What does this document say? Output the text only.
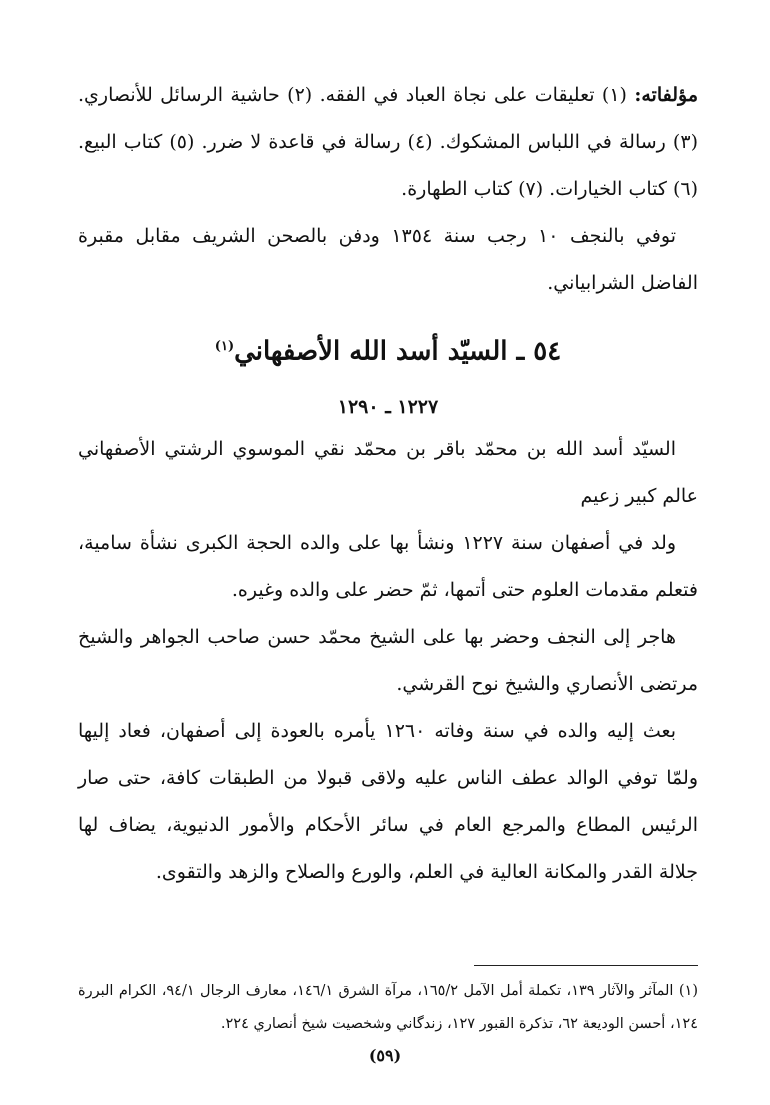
مؤلفاته: (١) تعليقات على نجاة العباد في الفقه. (٢) حاشية الرسائل للأنصاري. (٣) رسالة في اللباس المشكوك. (٤) رسالة في قاعدة لا ضرر. (٥) كتاب البيع. (٦) كتاب الخيارات. (٧) كتاب الطهارة.

توفي بالنجف ١٠ رجب سنة ١٣٥٤ ودفن بالصحن الشريف مقابل مقبرة الفاضل الشرابياني.

٥٤ ـ السيّد أسد الله الأصفهاني$^{(١)}$
١٢٢٧ ـ ١٢٩٠

السيّد أسد الله بن محمّد باقر بن محمّد نقي الموسوي الرشتي الأصفهاني عالم كبير زعيم

ولد في أصفهان سنة ١٢٢٧ ونشأ بها على والده الحجة الكبرى نشأة سامية، فتعلم مقدمات العلوم حتى أتمها، ثمّ حضر على والده وغيره.

هاجر إلى النجف وحضر بها على الشيخ محمّد حسن صاحب الجواهر والشيخ مرتضى الأنصاري والشيخ نوح القرشي.

بعث إليه والده في سنة وفاته ١٢٦٠ يأمره بالعودة إلى أصفهان، فعاد إليها ولمّا توفي الوالد عطف الناس عليه ولاقى قبولا من الطبقات كافة، حتى صار الرئيس المطاع والمرجع العام في سائر الأحكام والأمور الدنيوية، يضاف لها جلالة القدر والمكانة العالية في العلم، والورع والصلاح والزهد والتقوى.

(١) المآثر والآثار ١٣٩، تكملة أمل الآمل ١٦٥/٢، مرآة الشرق ١٤٦/١، معارف الرجال ٩٤/١، الكرام البررة ١٢٤، أحسن الوديعة ٦٢، تذكرة القبور ١٢٧، زندگاني وشخصيت شيخ أنصاري ٢٢٤.

(٥٩)
